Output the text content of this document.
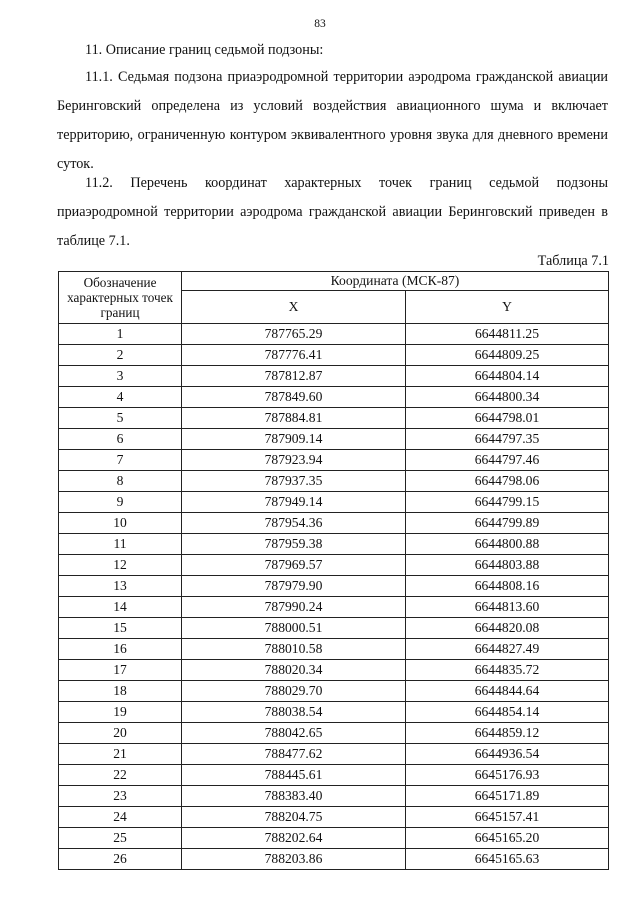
83
11. Описание границ седьмой подзоны:

11.1. Седьмая подзона приаэродромной территории аэродрома гражданской авиации Беринговский определена из условий воздействия авиационного шума и включает территорию, ограниченную контуром эквивалентного уровня звука для дневного времени суток.

11.2. Перечень координат характерных точек границ седьмой подзоны приаэродромной территории аэродрома гражданской авиации Беринговский приведен в таблице 7.1.

Таблица 7.1
Обозначение характерных точек границ	Координата (МСК-87)	
	X	Y
1	787765.29	6644811.25
2	787776.41	6644809.25
3	787812.87	6644804.14
4	787849.60	6644800.34
5	787884.81	6644798.01
6	787909.14	6644797.35
7	787923.94	6644797.46
8	787937.35	6644798.06
9	787949.14	6644799.15
10	787954.36	6644799.89
11	787959.38	6644800.88
12	787969.57	6644803.88
13	787979.90	6644808.16
14	787990.24	6644813.60
15	788000.51	6644820.08
16	788010.58	6644827.49
17	788020.34	6644835.72
18	788029.70	6644844.64
19	788038.54	6644854.14
20	788042.65	6644859.12
21	788477.62	6644936.54
22	788445.61	6645176.93
23	788383.40	6645171.89
24	788204.75	6645157.41
25	788202.64	6645165.20
26	788203.86	6645165.63
